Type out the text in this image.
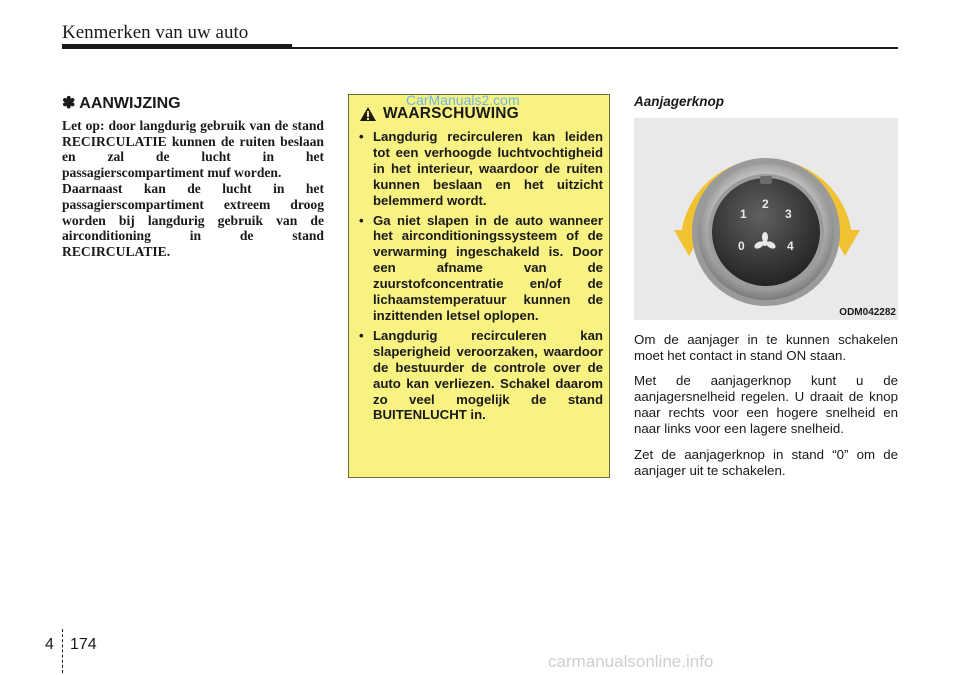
Kenmerken van uw auto
✽ AANWIJZING

Let op: door langdurig gebruik van de stand RECIRCULATIE kunnen de ruiten beslaan en zal de lucht in het passagierscompartiment muf worden.

Daarnaast kan de lucht in het passagierscompartiment extreem droog worden bij langdurig gebruik van de airconditioning in de stand RECIRCULATIE.

WAARSCHUWING
• Langdurig recirculeren kan leiden tot een verhoogde luchtvochtigheid in het interieur, waardoor de ruiten kunnen beslaan en het uitzicht belemmerd wordt.
• Ga niet slapen in de auto wanneer het airconditioningssysteem of de verwarming ingeschakeld is. Door een afname van de zuurstofconcentratie en/of de lichaamstemperatuur kunnen de inzittenden letsel oplopen.
• Langdurig recirculeren kan slaperigheid veroorzaken, waardoor de bestuurder de controle over de auto kan verliezen. Schakel daarom zo veel mogelijk de stand BUITENLUCHT in.
CarManuals2.com	Aanjagerknop

0
1
2
3
4
ODM042282

Om de aanjager in te kunnen schakelen moet het contact in stand ON staan.

Met de aanjagerknop kunt u de aanjagersnelheid regelen. U draait de knop naar rechts voor een hogere snelheid en naar links voor een lagere snelheid.

Zet de aanjagerknop in stand “0” om de aanjager uit te schakelen.

4 174
carmanualsonline.info
